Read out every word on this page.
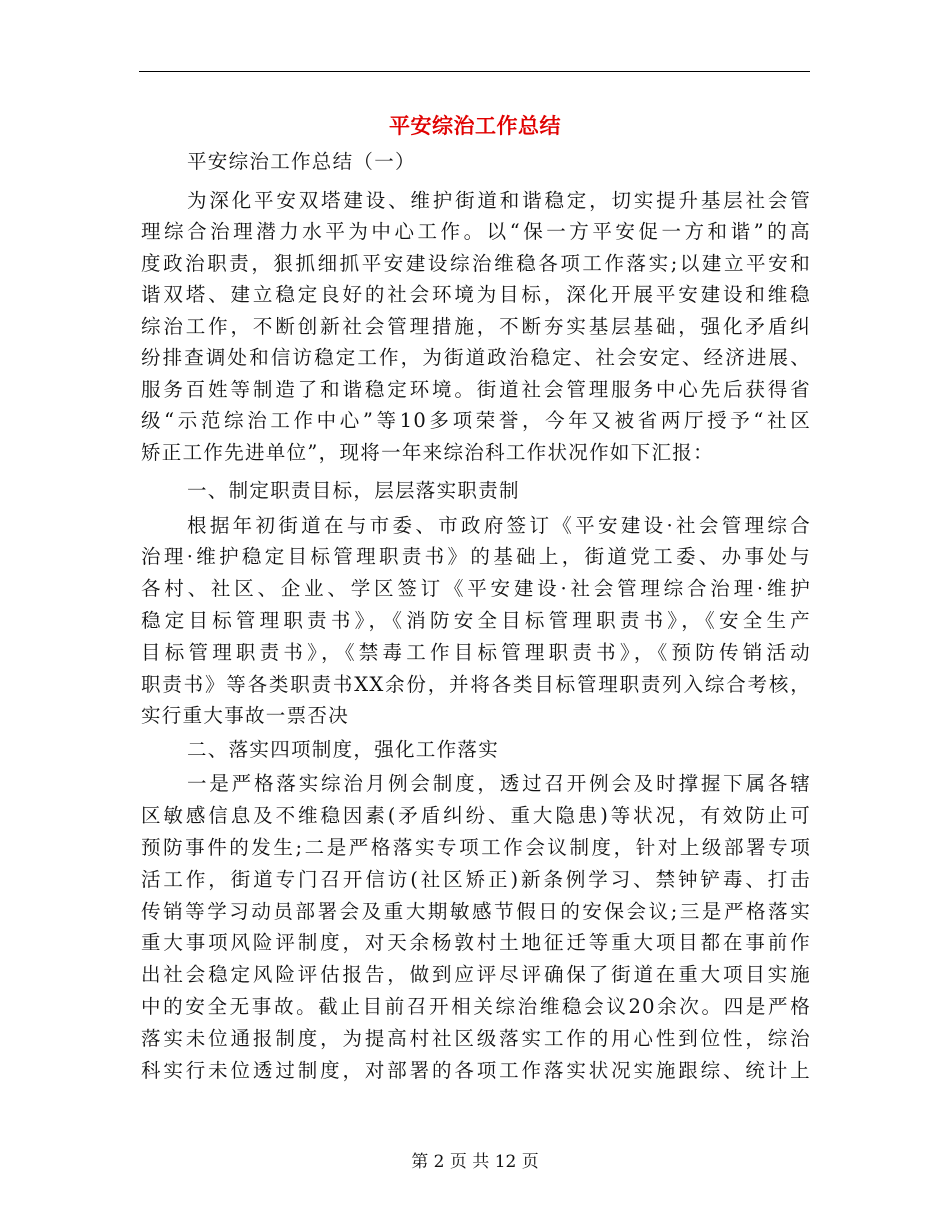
平安综治工作总结
平安综治工作总结（一）
为深化平安双塔建设、维护街道和谐稳定，切实提升基层社会管
理综合治理潜力水平为中心工作。以“保一方平安促一方和谐”的高
度政治职责，狠抓细抓平安建设综治维稳各项工作落实;以建立平安和
谐双塔、建立稳定良好的社会环境为目标，深化开展平安建设和维稳
综治工作，不断创新社会管理措施，不断夯实基层基础，强化矛盾纠
纷排查调处和信访稳定工作，为街道政治稳定、社会安定、经济进展、
服务百姓等制造了和谐稳定环境。街道社会管理服务中心先后获得省
级“示范综治工作中心”等10多项荣誉，今年又被省两厅授予“社区
矫正工作先进单位”，现将一年来综治科工作状况作如下汇报：
一、制定职责目标，层层落实职责制
根据年初街道在与市委、市政府签订《平安建设·社会管理综合
治理·维护稳定目标管理职责书》的基础上，街道党工委、办事处与
各村、社区、企业、学区签订《平安建设·社会管理综合治理·维护
稳定目标管理职责书》，《消防安全目标管理职责书》，《安全生产
目标管理职责书》，《禁毒工作目标管理职责书》，《预防传销活动
职责书》等各类职责书XX余份，并将各类目标管理职责列入综合考核，
实行重大事故一票否决
二、落实四项制度，强化工作落实
一是严格落实综治月例会制度，透过召开例会及时撑握下属各辖
区敏感信息及不维稳因素(矛盾纠纷、重大隐患)等状况，有效防止可
预防事件的发生;二是严格落实专项工作会议制度，针对上级部署专项
活工作，街道专门召开信访(社区矫正)新条例学习、禁钟铲毒、打击
传销等学习动员部署会及重大期敏感节假日的安保会议;三是严格落实
重大事项风险评制度，对天余杨敦村土地征迁等重大项目都在事前作
出社会稳定风险评估报告，做到应评尽评确保了街道在重大项目实施
中的安全无事故。截止目前召开相关综治维稳会议20余次。四是严格
落实未位通报制度，为提高村社区级落实工作的用心性到位性，综治
科实行未位透过制度，对部署的各项工作落实状况实施跟综、统计上
第 2 页 共 12 页
